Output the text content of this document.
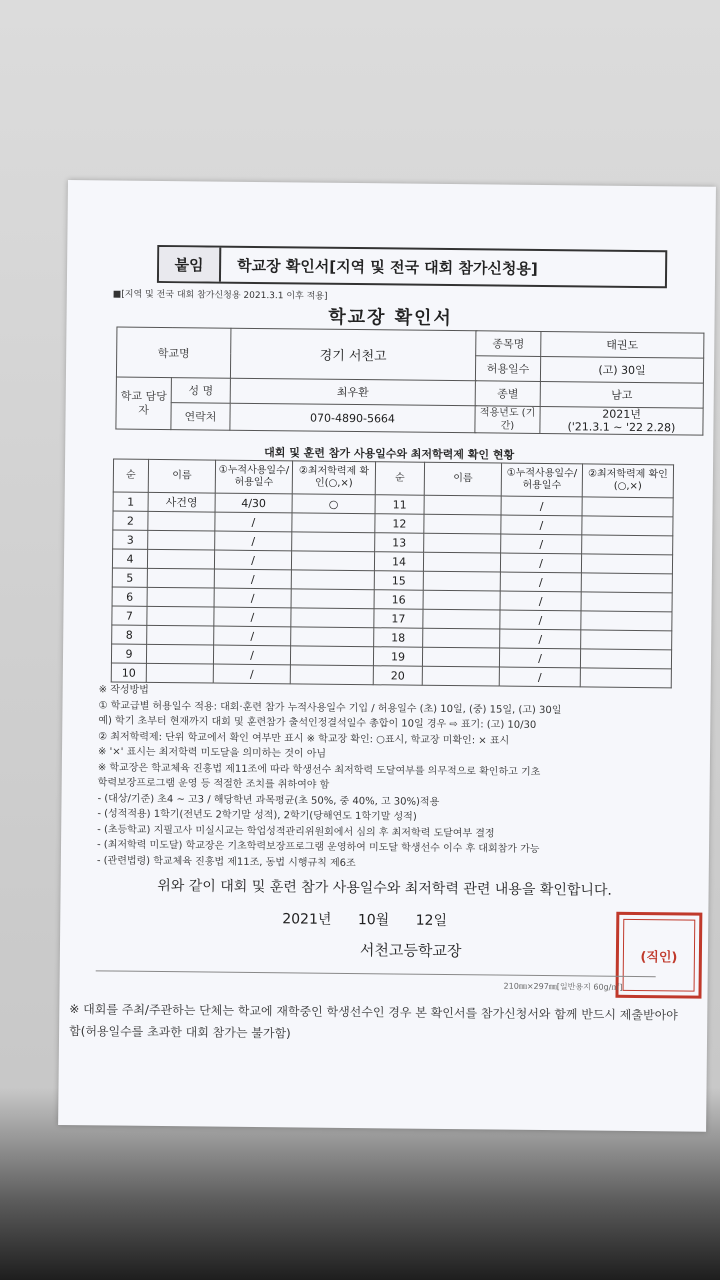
붙임	학교장 확인서[지역 및 전국 대회 참가신청용]
■[지역 및 전국 대회 참가신청용 2021.3.1 이후 적용]
학교장 확인서
학교명		경기 서천고	종목명	태권도
			허용일수	(고) 30일
학교 담당자	성 명	최우환	종별	남고
	연락처	070-4890-5664	적용년도 (기간)	2021년
('21.3.1 ~ '22 2.28)
대회 및 훈련 참가 사용일수와 최저학력제 확인 현황
순	이름	①누적사용일수/허용일수	②최저학력제 확인(○,×)	순	이름	①누적사용일수/허용일수	②최저학력제 확인(○,×)
1	사건영	4/30	○	11		/	
2		/		12		/	
3		/		13		/	
4		/		14		/	
5		/		15		/	
6		/		16		/	
7		/		17		/	
8		/		18		/	
9		/		19		/	
10		/		20		/	
※ 작성방법
① 학교급별 허용일수 적용: 대회·훈련 참가 누적사용일수 기입 / 허용일수 (초) 10일, (중) 15일, (고) 30일
예) 학기 초부터 현재까지 대회 및 훈련참가 출석인정결석일수 총합이 10일 경우 ⇨ 표기: (고) 10/30
② 최저학력제: 단위 학교에서 확인 여부만 표시 ※ 학교장 확인: ○표시, 학교장 미확인: × 표시
※ '×' 표시는 최저학력 미도달을 의미하는 것이 아님
※ 학교장은 학교체육 진흥법 제11조에 따라 학생선수 최저학력 도달여부를 의무적으로 확인하고 기초
학력보장프로그램 운영 등 적절한 조치를 취하여야 함
- (대상/기준) 초4 ~ 고3 / 해당학년 과목평균(초 50%, 중 40%, 고 30%)적용
- (성적적용) 1학기(전년도 2학기말 성적), 2학기(당해연도 1학기말 성적)
- (초등학교) 지필고사 미실시교는 학업성적관리위원회에서 심의 후 최저학력 도달여부 결정
- (최저학력 미도달) 학교장은 기초학력보장프로그램 운영하여 미도달 학생선수 이수 후 대회참가 가능
- (관련법령) 학교체육 진흥법 제11조, 동법 시행규칙 제6조
위와 같이 대회 및 훈련 참가 사용일수와 최저학력 관련 내용을 확인합니다.
2021년 10월 12일
서천고등학교장	(직인)
210㎜×297㎜[일반용지 60g/㎡]
※ 대회를 주최/주관하는 단체는 학교에 재학중인 학생선수인 경우 본 확인서를 참가신청서와 함께 반드시 제출받아야 함(허용일수를 초과한 대회 참가는 불가함)
